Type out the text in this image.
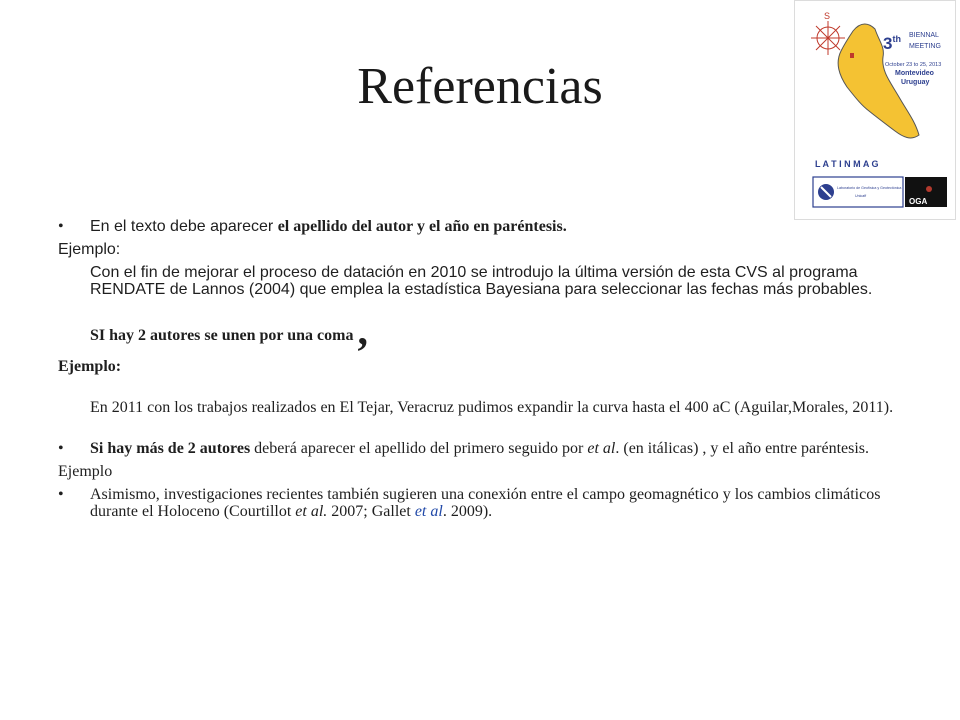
Referencias
S
3th BIENNAL
MEETING
October 23 to 25, 2013
Montevideo
Uruguay
L A T I N M A G
Laboratorio de Geofísica y Geotectónica
Unicaff
OGA
• En el texto debe aparecer el apellido del autor y el año en paréntesis.
Ejemplo:
Con el fin de mejorar el proceso de datación en 2010 se introdujo la última versión de esta CVS al programa RENDATE de Lannos (2004) que emplea la estadística Bayesiana para seleccionar las fechas más probables.
SI hay 2 autores se unen por una coma ,
Ejemplo:
En 2011 con los trabajos realizados en El Tejar, Veracruz pudimos expandir la curva hasta el 400 aC (Aguilar,Morales, 2011).
• Si hay más de 2 autores deberá aparecer el apellido del primero seguido por et al. (en itálicas) , y el año entre paréntesis.
Ejemplo
• Asimismo, investigaciones recientes también sugieren una conexión entre el campo geomagnético y los cambios climáticos durante el Holoceno (Courtillot et al. 2007; Gallet et al. 2009).
